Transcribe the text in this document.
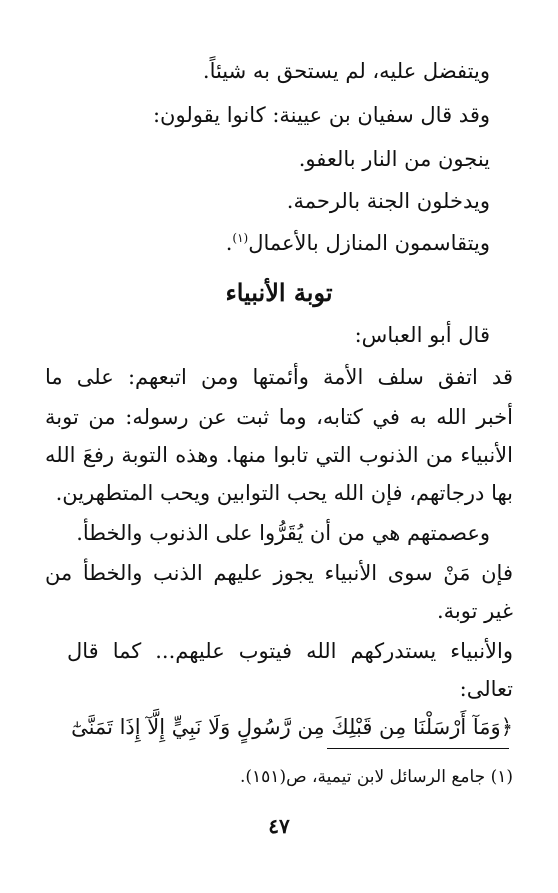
ويتفضل عليه، لم يستحق به شيئاً.
وقد قال سفيان بن عيينة: كانوا يقولون:
ينجون من النار بالعفو.
ويدخلون الجنة بالرحمة.
ويتقاسمون المنازل بالأعمال$^{(١)}$.
توبة الأنبياء
قال أبو العباس:
قد اتفق سلف الأمة وأئمتها ومن اتبعهم: على ما
أخبر الله به في كتابه، وما ثبت عن رسوله: من توبة
الأنبياء من الذنوب التي تابوا منها. وهذه التوبة رفعَ الله
بها درجاتهم، فإن الله يحب التوابين ويحب المتطهرين.
وعصمتهم هي من أن يُقَرُّوا على الذنوب والخطأ.
فإن مَنْ سوى الأنبياء يجوز عليهم الذنب والخطأ من
غير توبة.
والأنبياء يستدركهم الله فيتوب عليهم... كما قال
تعالى:
﴿وَمَآ أَرْسَلْنَا مِن قَبْلِكَ مِن رَّسُولٍ وَلَا نَبِيٍّ إِلَّآ إِذَا تَمَنَّىٰٓ
(١) جامع الرسائل لابن تيمية، ص(١٥١).
٤٧
